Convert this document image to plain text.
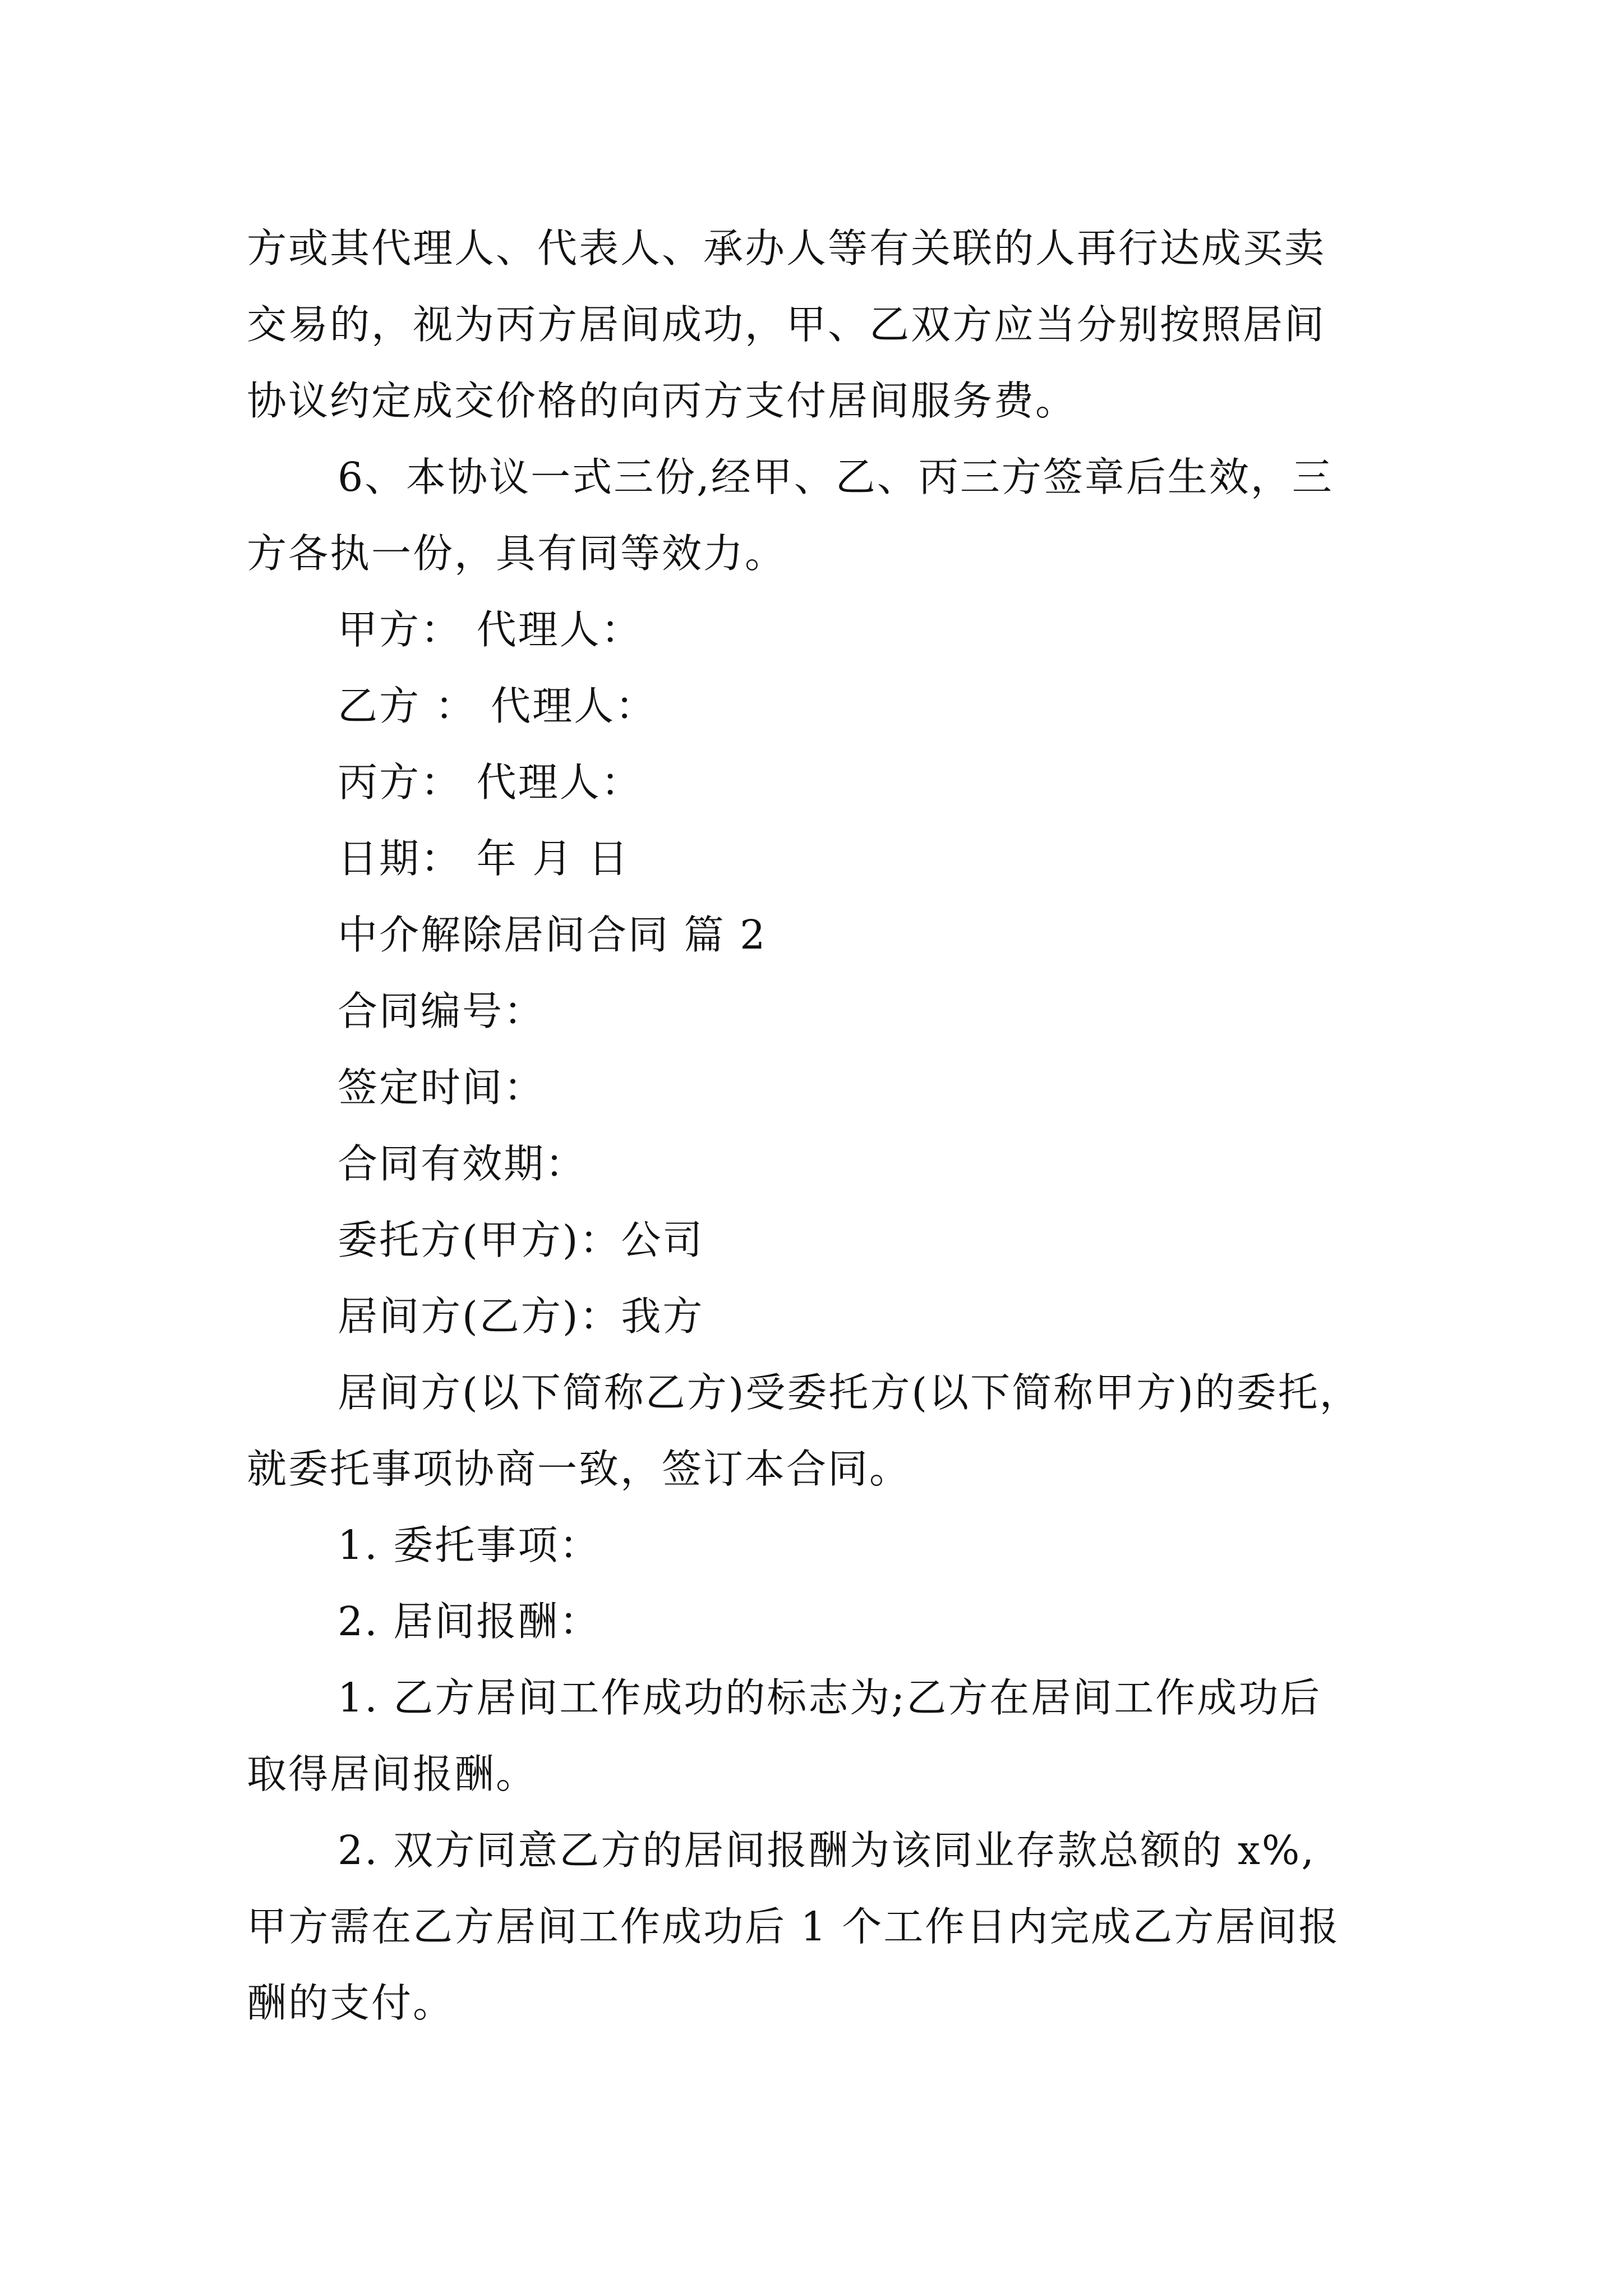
方或其代理人、代表人、承办人等有关联的人再行达成买卖
交易的，视为丙方居间成功，甲、乙双方应当分别按照居间
协议约定成交价格的向丙方支付居间服务费。
6、本协议一式三份,经甲、乙、丙三方签章后生效，三
方各执一份，具有同等效力。
甲方： 代理人：
乙方 ： 代理人：
丙方： 代理人：
日期： 年 月 日
中介解除居间合同 篇 2
合同编号：
签定时间：
合同有效期：
委托方(甲方)：公司
居间方(乙方)：我方
居间方(以下简称乙方)受委托方(以下简称甲方)的委托，
就委托事项协商一致，签订本合同。
1. 委托事项：
2. 居间报酬：
1. 乙方居间工作成功的标志为;乙方在居间工作成功后
取得居间报酬。
2. 双方同意乙方的居间报酬为该同业存款总额的 x%,
甲方需在乙方居间工作成功后 1 个工作日内完成乙方居间报
酬的支付。
